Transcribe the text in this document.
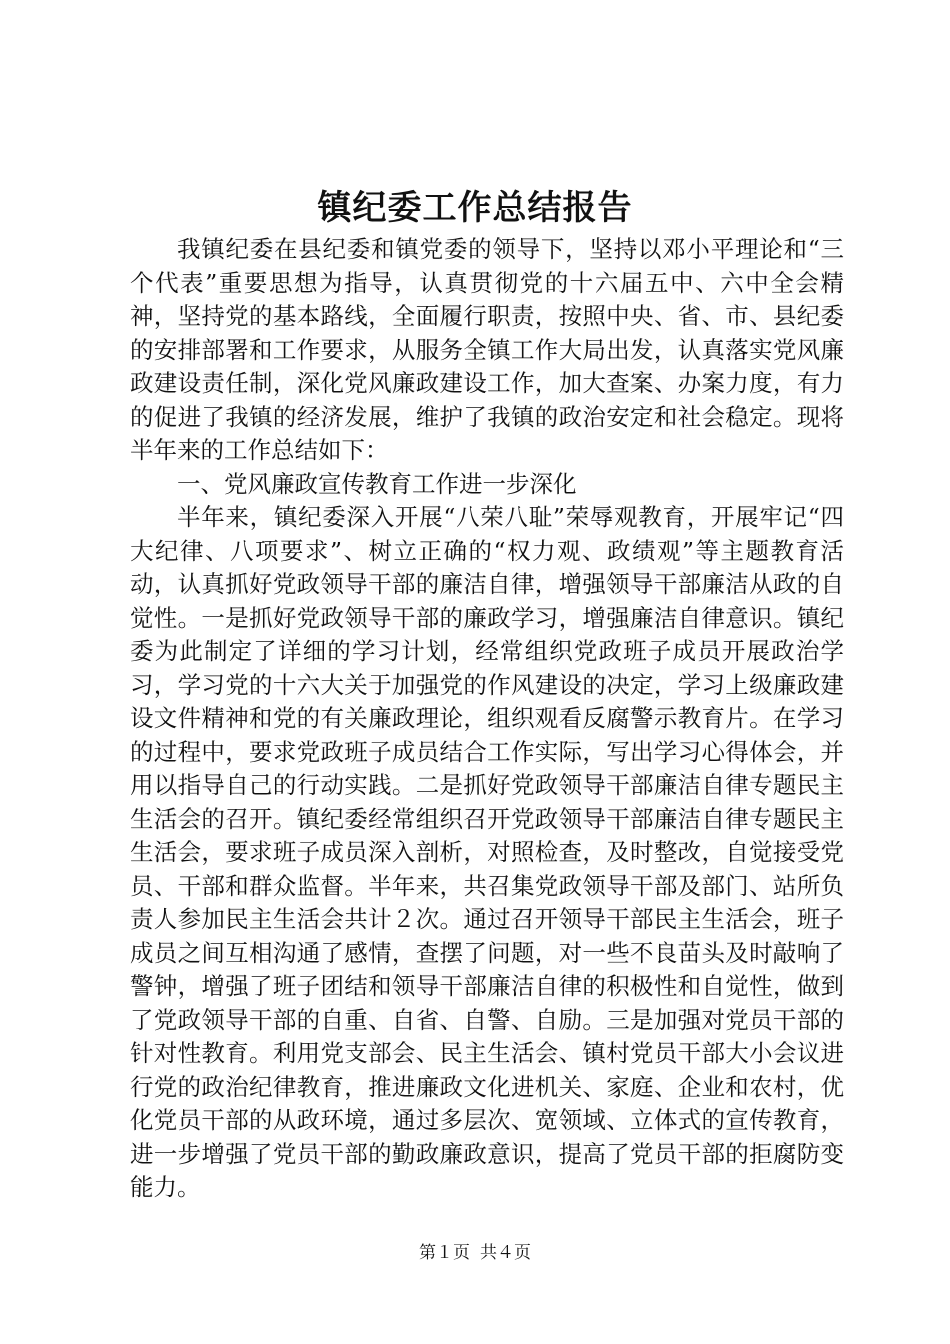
镇纪委工作总结报告

我镇纪委在县纪委和镇党委的领导下，坚持以邓小平理论和“三个代表”重要思想为指导，认真贯彻党的十六届五中、六中全会精神，坚持党的基本路线，全面履行职责，按照中央、省、市、县纪委的安排部署和工作要求，从服务全镇工作大局出发，认真落实党风廉政建设责任制，深化党风廉政建设工作，加大查案、办案力度，有力的促进了我镇的经济发展，维护了我镇的政治安定和社会稳定。现将半年来的工作总结如下：

一、党风廉政宣传教育工作进一步深化

半年来，镇纪委深入开展“八荣八耻”荣辱观教育，开展牢记“四大纪律、八项要求”、树立正确的“权力观、政绩观”等主题教育活动，认真抓好党政领导干部的廉洁自律，增强领导干部廉洁从政的自觉性。一是抓好党政领导干部的廉政学习，增强廉洁自律意识。镇纪委为此制定了详细的学习计划，经常组织党政班子成员开展政治学习，学习党的十六大关于加强党的作风建设的决定，学习上级廉政建设文件精神和党的有关廉政理论，组织观看反腐警示教育片。在学习的过程中，要求党政班子成员结合工作实际，写出学习心得体会，并用以指导自己的行动实践。二是抓好党政领导干部廉洁自律专题民主生活会的召开。镇纪委经常组织召开党政领导干部廉洁自律专题民主生活会，要求班子成员深入剖析，对照检查，及时整改，自觉接受党员、干部和群众监督。半年来，共召集党政领导干部及部门、站所负责人参加民主生活会共计２次。通过召开领导干部民主生活会，班子成员之间互相沟通了感情，查摆了问题，对一些不良苗头及时敲响了警钟，增强了班子团结和领导干部廉洁自律的积极性和自觉性，做到了党政领导干部的自重、自省、自警、自励。三是加强对党员干部的针对性教育。利用党支部会、民主生活会、镇村党员干部大小会议进行党的政治纪律教育，推进廉政文化进机关、家庭、企业和农村，优化党员干部的从政环境，通过多层次、宽领域、立体式的宣传教育，进一步增强了党员干部的勤政廉政意识，提高了党员干部的拒腐防变能力。

第１页 共４页
